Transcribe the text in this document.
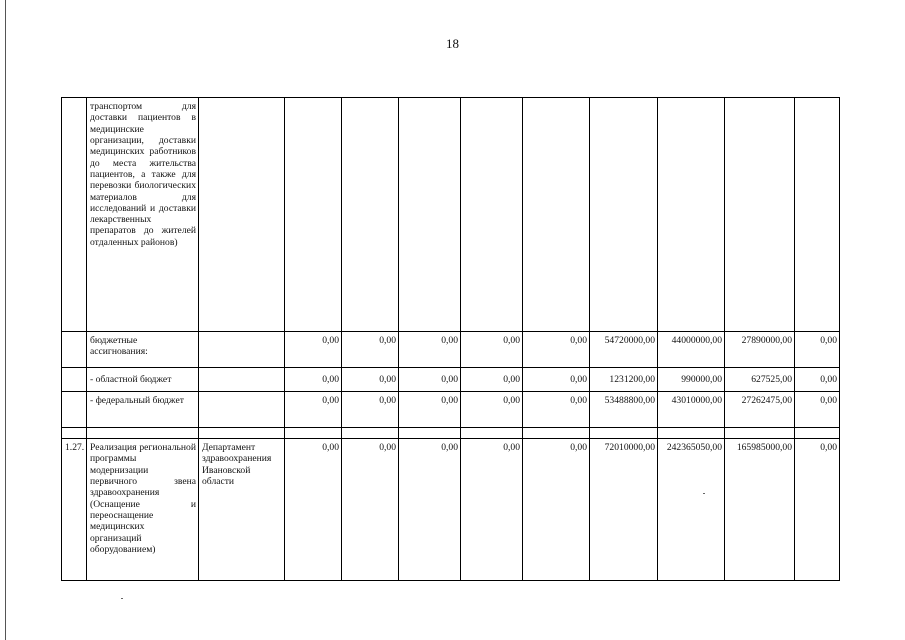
18
	транспортом для доставки пациентов в медицинские организации, доставки медицинских работников до места жительства пациентов, а также для перевозки биологических материалов для исследований и доставки лекарственных препаратов до жителей отдаленных районов)										
	бюджетные ассигнования:		0,00	0,00	0,00	0,00	0,00	54720000,00	44000000,00	27890000,00	0,00
	- областной бюджет		0,00	0,00	0,00	0,00	0,00	1231200,00	990000,00	627525,00	0,00
	- федеральный бюджет		0,00	0,00	0,00	0,00	0,00	53488800,00	43010000,00	27262475,00	0,00

1.27.	Реализация региональной программы модернизации первичного звена здравоохранения (Оснащение и переоснащение медицинских организаций оборудованием)	Департамент здравоохранения Ивановской области	0,00	0,00	0,00	0,00	0,00	72010000,00	242365050,00	165985000,00	0,00
